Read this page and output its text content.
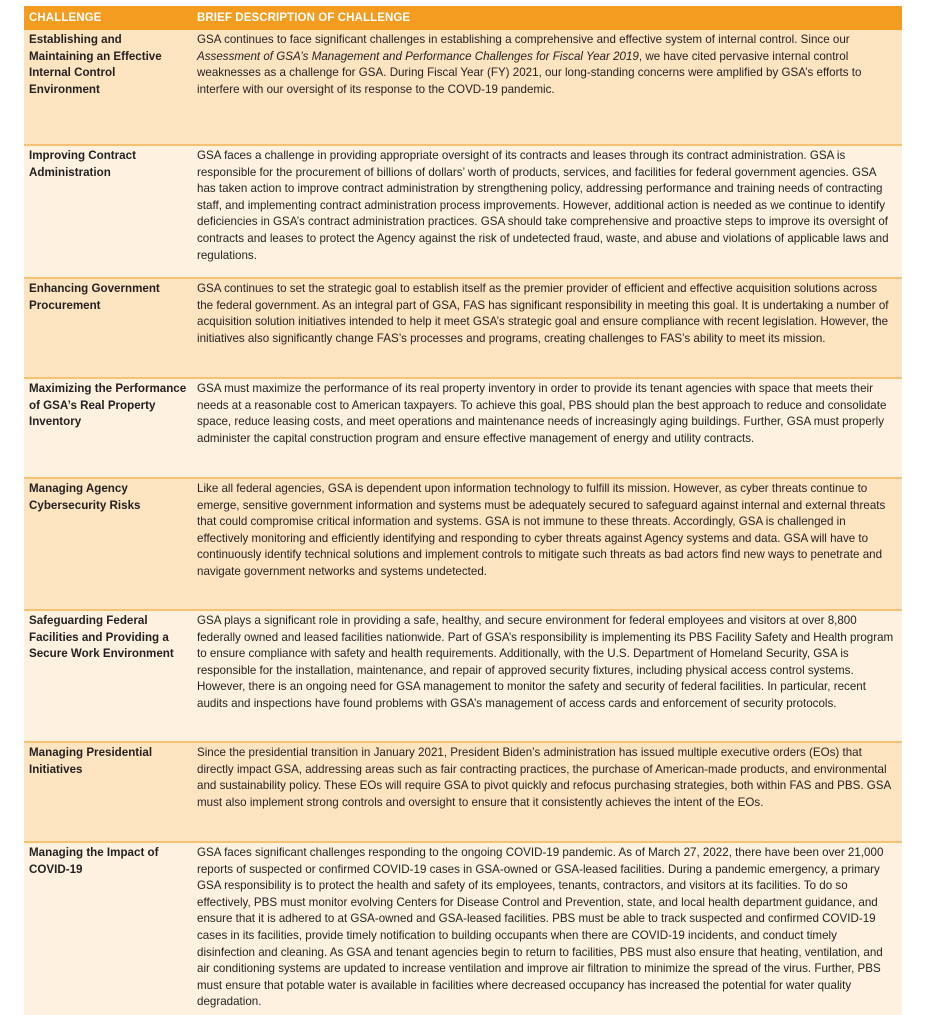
CHALLENGE	BRIEF DESCRIPTION OF CHALLENGE
Establishing and Maintaining an Effective Internal Control Environment	GSA continues to face significant challenges in establishing a comprehensive and effective system of internal control. Since our Assessment of GSA’s Management and Performance Challenges for Fiscal Year 2019, we have cited pervasive internal control weaknesses as a challenge for GSA. During Fiscal Year (FY) 2021, our long-standing concerns were amplified by GSA’s efforts to interfere with our oversight of its response to the COVD-19 pandemic.
Improving Contract Administration	GSA faces a challenge in providing appropriate oversight of its contracts and leases through its contract administration. GSA is responsible for the procurement of billions of dollars’ worth of products, services, and facilities for federal government agencies. GSA has taken action to improve contract administration by strengthening policy, addressing performance and training needs of contracting staff, and implementing contract administration process improvements. However, additional action is needed as we continue to identify deficiencies in GSA’s contract administration practices. GSA should take comprehensive and proactive steps to improve its oversight of contracts and leases to protect the Agency against the risk of undetected fraud, waste, and abuse and violations of applicable laws and regulations.
Enhancing Government Procurement	GSA continues to set the strategic goal to establish itself as the premier provider of efficient and effective acquisition solutions across the federal government. As an integral part of GSA, FAS has significant responsibility in meeting this goal. It is undertaking a number of acquisition solution initiatives intended to help it meet GSA’s strategic goal and ensure compliance with recent legislation. However, the initiatives also significantly change FAS’s processes and programs, creating challenges to FAS’s ability to meet its mission.
Maximizing the Performance of GSA’s Real Property Inventory	GSA must maximize the performance of its real property inventory in order to provide its tenant agencies with space that meets their needs at a reasonable cost to American taxpayers. To achieve this goal, PBS should plan the best approach to reduce and consolidate space, reduce leasing costs, and meet operations and maintenance needs of increasingly aging buildings. Further, GSA must properly administer the capital construction program and ensure effective management of energy and utility contracts.
Managing Agency Cybersecurity Risks	Like all federal agencies, GSA is dependent upon information technology to fulfill its mission. However, as cyber threats continue to emerge, sensitive government information and systems must be adequately secured to safeguard against internal and external threats that could compromise critical information and systems. GSA is not immune to these threats. Accordingly, GSA is challenged in effectively monitoring and efficiently identifying and responding to cyber threats against Agency systems and data. GSA will have to continuously identify technical solutions and implement controls to mitigate such threats as bad actors find new ways to penetrate and navigate government networks and systems undetected.
Safeguarding Federal Facilities and Providing a Secure Work Environment	GSA plays a significant role in providing a safe, healthy, and secure environment for federal employees and visitors at over 8,800 federally owned and leased facilities nationwide. Part of GSA’s responsibility is implementing its PBS Facility Safety and Health program to ensure compliance with safety and health requirements. Additionally, with the U.S. Department of Homeland Security, GSA is responsible for the installation, maintenance, and repair of approved security fixtures, including physical access control systems. However, there is an ongoing need for GSA management to monitor the safety and security of federal facilities. In particular, recent audits and inspections have found problems with GSA’s management of access cards and enforcement of security protocols.
Managing Presidential Initiatives	Since the presidential transition in January 2021, President Biden’s administration has issued multiple executive orders (EOs) that directly impact GSA, addressing areas such as fair contracting practices, the purchase of American-made products, and environmental and sustainability policy. These EOs will require GSA to pivot quickly and refocus purchasing strategies, both within FAS and PBS. GSA must also implement strong controls and oversight to ensure that it consistently achieves the intent of the EOs.
Managing the Impact of COVID-19	GSA faces significant challenges responding to the ongoing COVID-19 pandemic. As of March 27, 2022, there have been over 21,000 reports of suspected or confirmed COVID-19 cases in GSA-owned or GSA-leased facilities. During a pandemic emergency, a primary GSA responsibility is to protect the health and safety of its employees, tenants, contractors, and visitors at its facilities. To do so effectively, PBS must monitor evolving Centers for Disease Control and Prevention, state, and local health department guidance, and ensure that it is adhered to at GSA-owned and GSA-leased facilities. PBS must be able to track suspected and confirmed COVID-19 cases in its facilities, provide timely notification to building occupants when there are COVID-19 incidents, and conduct timely disinfection and cleaning. As GSA and tenant agencies begin to return to facilities, PBS must also ensure that heating, ventilation, and air conditioning systems are updated to increase ventilation and improve air filtration to minimize the spread of the virus. Further, PBS must ensure that potable water is available in facilities where decreased occupancy has increased the potential for water quality degradation.
